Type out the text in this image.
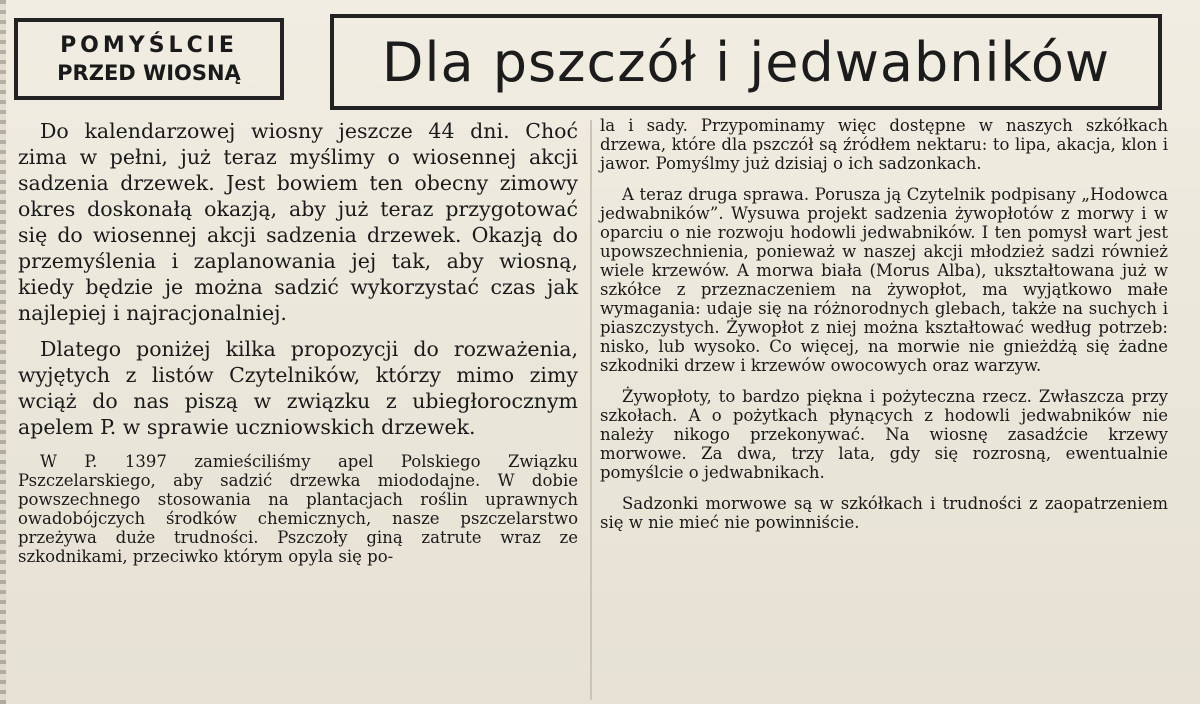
POMYŚLCIE
PRZED WIOSNĄ	Dla pszczół i jedwabników

Do kalendarzowej wiosny jeszcze 44 dni. Choć zima w pełni, już teraz myślimy o wiosennej akcji sadzenia drzewek. Jest bowiem ten obecny zimowy okres doskonałą okazją, aby już teraz przygotować się do wiosennej akcji sadzenia drzewek. Okazją do przemyślenia i zaplanowania jej tak, aby wiosną, kiedy będzie je można sadzić wykorzystać czas jak najlepiej i najracjonalniej.

Dlatego poniżej kilka propozycji do rozważenia, wyjętych z listów Czytelników, którzy mimo zimy wciąż do nas piszą w związku z ubiegłorocznym apelem P. w sprawie uczniowskich drzewek.

W P. 1397 zamieściliśmy apel Polskiego Związku Pszczelarskiego, aby sadzić drzewka miododajne. W dobie powszechnego stosowania na plantacjach roślin uprawnych owadobójczych środków chemicznych, nasze pszczelarstwo przeżywa duże trudności. Pszczoły giną zatrute wraz ze szkodnikami, przeciwko którym opyla się po-

la i sady. Przypominamy więc dostępne w naszych szkółkach drzewa, które dla pszczół są źródłem nektaru: to lipa, akacja, klon i jawor. Pomyślmy już dzisiaj o ich sadzonkach.

A teraz druga sprawa. Porusza ją Czytelnik podpisany „Hodowca jedwabników”. Wysuwa projekt sadzenia żywopłotów z morwy i w oparciu o nie rozwoju hodowli jedwabników. I ten pomysł wart jest upowszechnienia, ponieważ w naszej akcji młodzież sadzi również wiele krzewów. A morwa biała (Morus Alba), ukształtowana już w szkółce z przeznaczeniem na żywopłot, ma wyjątkowo małe wymagania: udaje się na różnorodnych glebach, także na suchych i piaszczystych. Żywopłot z niej można kształtować według potrzeb: nisko, lub wysoko. Co więcej, na morwie nie gnieżdżą się żadne szkodniki drzew i krzewów owocowych oraz warzyw.

Żywopłoty, to bardzo piękna i pożyteczna rzecz. Zwłaszcza przy szkołach. A o pożytkach płynących z hodowli jedwabników nie należy nikogo przekonywać. Na wiosnę zasadźcie krzewy morwowe. Za dwa, trzy lata, gdy się rozrosną, ewentualnie pomyślcie o jedwabnikach.

Sadzonki morwowe są w szkółkach i trudności z zaopatrzeniem się w nie mieć nie powinniście.
